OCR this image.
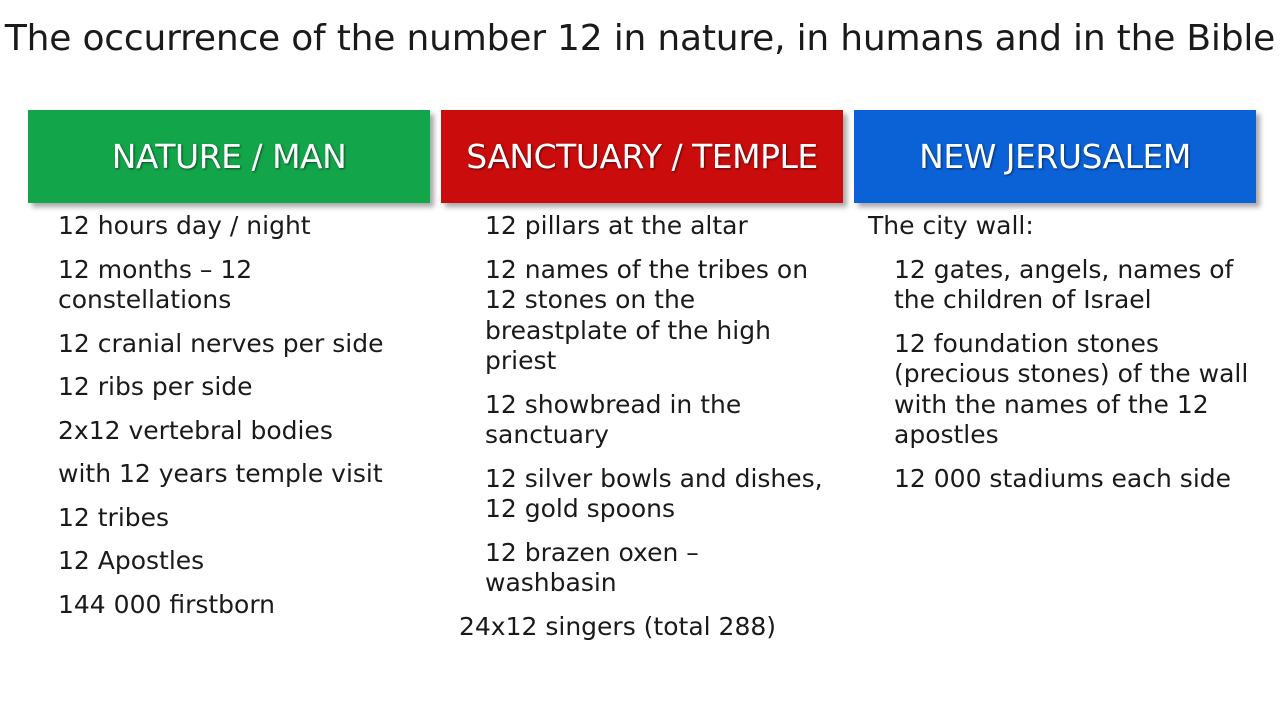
The occurrence of the number 12 in nature, in humans and in the Bible
NATURE / MAN
12 hours day / night
12 months – 12 constellations
12 cranial nerves per side
12 ribs per side
2x12 vertebral bodies
with 12 years temple visit
12 tribes
12 Apostles
144 000 firstborn
SANCTUARY / TEMPLE
12 pillars at the altar
12 names of the tribes on 12 stones on the breastplate of the high priest
12 showbread in the sanctuary
12 silver bowls and dishes, 12 gold spoons
12 brazen oxen – washbasin
24x12 singers (total 288)
NEW JERUSALEM
The city wall:
12 gates, angels, names of the children of Israel
12 foundation stones (precious stones) of the wall with the names of the 12 apostles
12 000 stadiums each side
